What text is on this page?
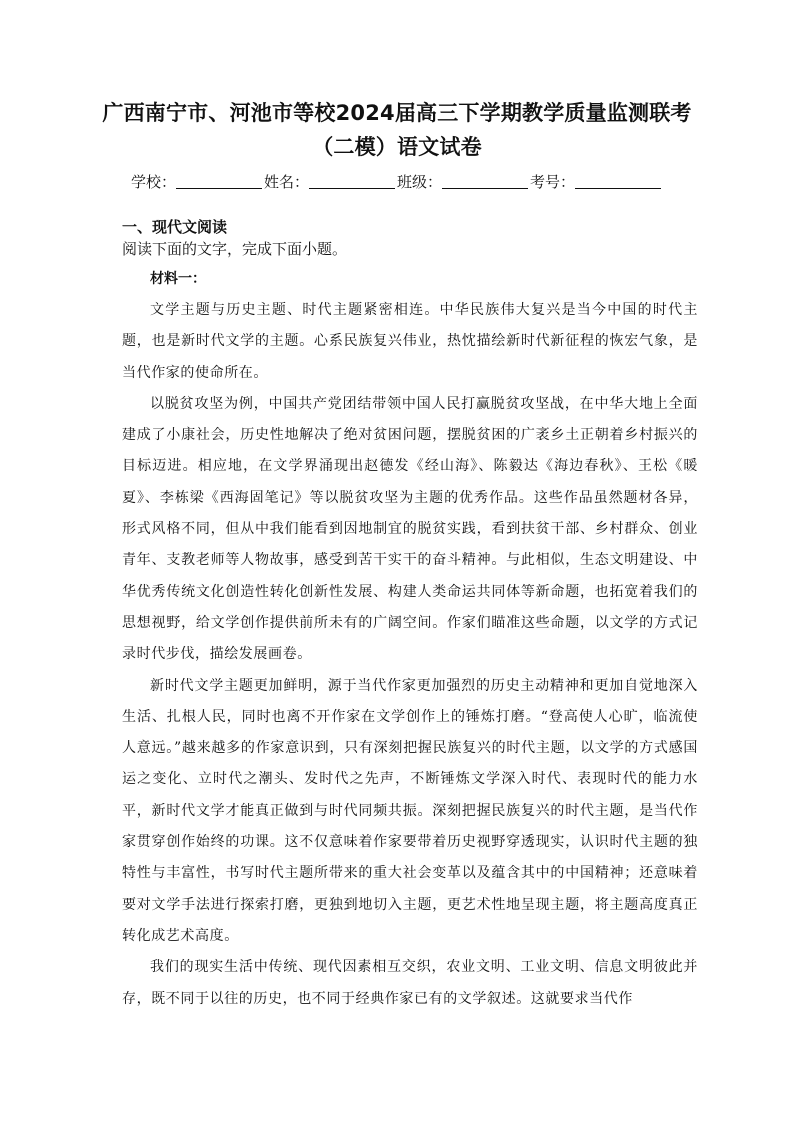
广西南宁市、河池市等校2024届高三下学期教学质量监测联考（二模）语文试卷
学校：	姓名：	班级：	考号：
一、现代文阅读

阅读下面的文字，完成下面小题。

材料一：

文学主题与历史主题、时代主题紧密相连。中华民族伟大复兴是当今中国的时代主题，也是新时代文学的主题。心系民族复兴伟业，热忱描绘新时代新征程的恢宏气象，是当代作家的使命所在。

以脱贫攻坚为例，中国共产党团结带领中国人民打赢脱贫攻坚战，在中华大地上全面建成了小康社会，历史性地解决了绝对贫困问题，摆脱贫困的广袤乡土正朝着乡村振兴的目标迈进。相应地，在文学界涌现出赵德发《经山海》、陈毅达《海边春秋》、王松《暖夏》、李栋梁《西海固笔记》等以脱贫攻坚为主题的优秀作品。这些作品虽然题材各异，形式风格不同，但从中我们能看到因地制宜的脱贫实践，看到扶贫干部、乡村群众、创业青年、支教老师等人物故事，感受到苦干实干的奋斗精神。与此相似，生态文明建设、中华优秀传统文化创造性转化创新性发展、构建人类命运共同体等新命题，也拓宽着我们的思想视野，给文学创作提供前所未有的广阔空间。作家们瞄准这些命题，以文学的方式记录时代步伐，描绘发展画卷。

新时代文学主题更加鲜明，源于当代作家更加强烈的历史主动精神和更加自觉地深入生活、扎根人民，同时也离不开作家在文学创作上的锤炼打磨。“登高使人心旷，临流使人意远。”越来越多的作家意识到，只有深刻把握民族复兴的时代主题，以文学的方式感国运之变化、立时代之潮头、发时代之先声，不断锤炼文学深入时代、表现时代的能力水平，新时代文学才能真正做到与时代同频共振。深刻把握民族复兴的时代主题，是当代作家贯穿创作始终的功课。这不仅意味着作家要带着历史视野穿透现实，认识时代主题的独特性与丰富性，书写时代主题所带来的重大社会变革以及蕴含其中的中国精神；还意味着要对文学手法进行探索打磨，更独到地切入主题，更艺术性地呈现主题，将主题高度真正转化成艺术高度。

我们的现实生活中传统、现代因素相互交织，农业文明、工业文明、信息文明彼此并存，既不同于以往的历史，也不同于经典作家已有的文学叙述。这就要求当代作
